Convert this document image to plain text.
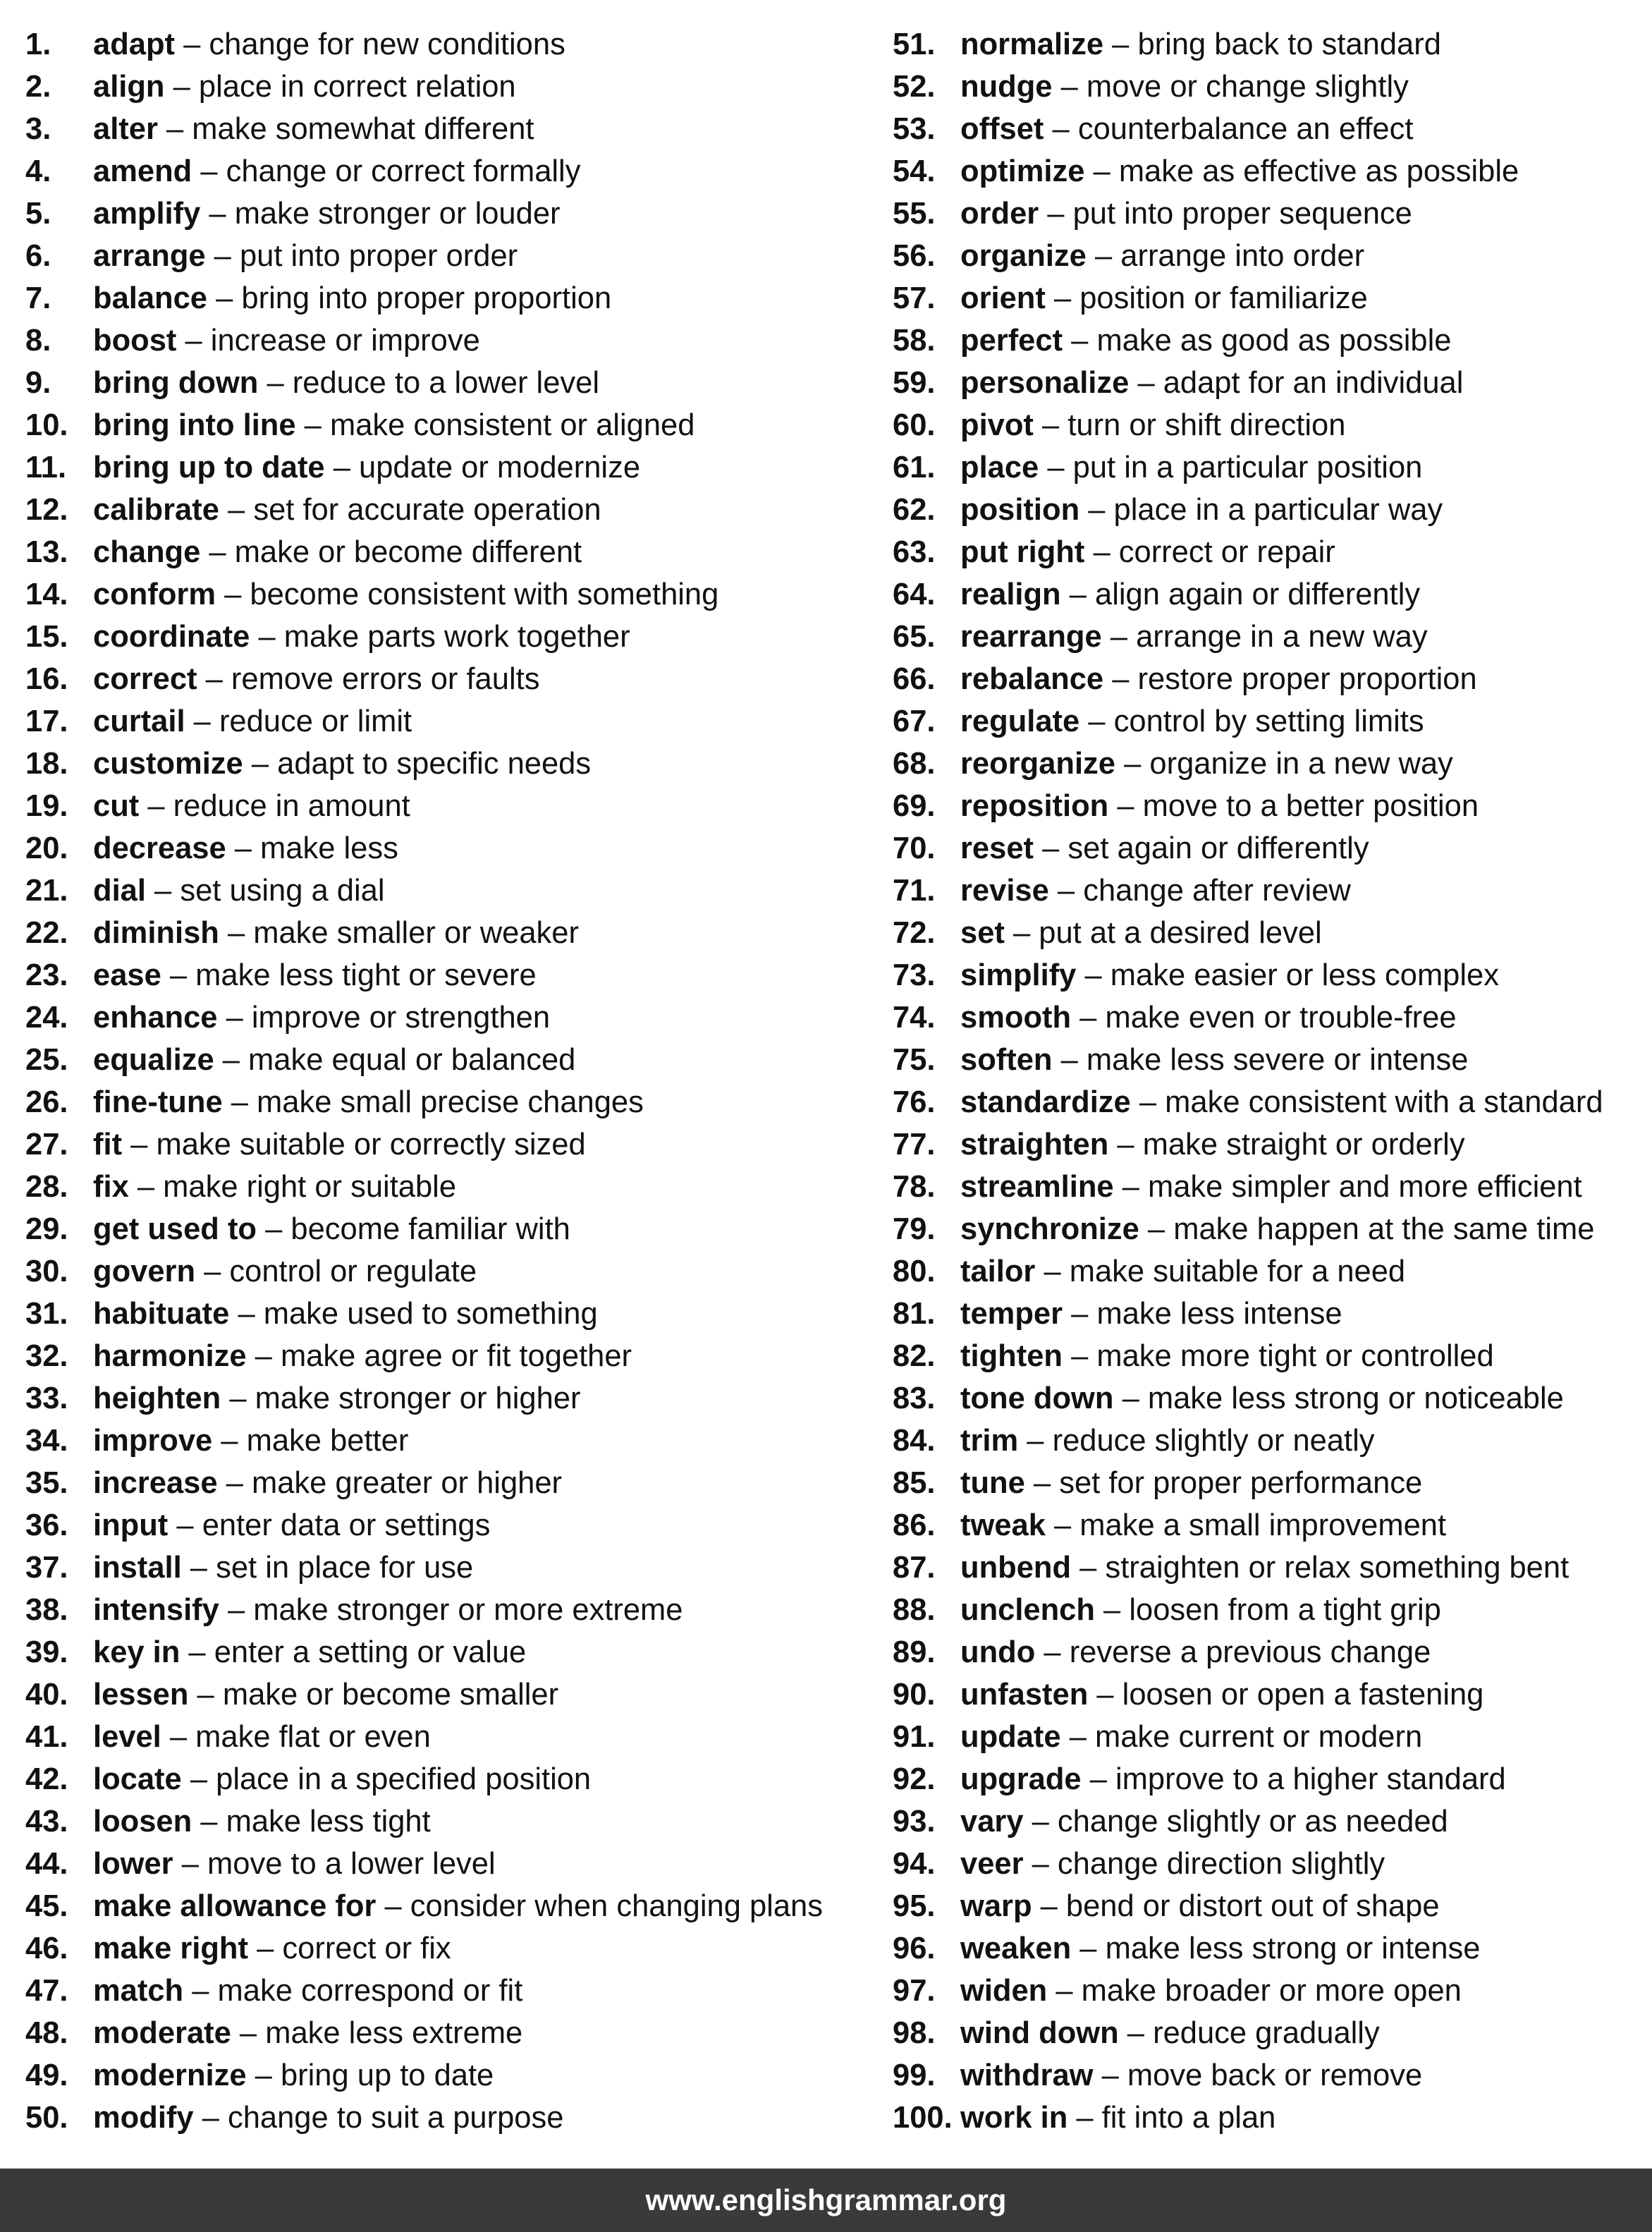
1. adapt – change for new conditions
2. align – place in correct relation
3. alter – make somewhat different
4. amend – change or correct formally
5. amplify – make stronger or louder
6. arrange – put into proper order
7. balance – bring into proper proportion
8. boost – increase or improve
9. bring down – reduce to a lower level
10. bring into line – make consistent or aligned
11. bring up to date – update or modernize
12. calibrate – set for accurate operation
13. change – make or become different
14. conform – become consistent with something
15. coordinate – make parts work together
16. correct – remove errors or faults
17. curtail – reduce or limit
18. customize – adapt to specific needs
19. cut – reduce in amount
20. decrease – make less
21. dial – set using a dial
22. diminish – make smaller or weaker
23. ease – make less tight or severe
24. enhance – improve or strengthen
25. equalize – make equal or balanced
26. fine-tune – make small precise changes
27. fit – make suitable or correctly sized
28. fix – make right or suitable
29. get used to – become familiar with
30. govern – control or regulate
31. habituate – make used to something
32. harmonize – make agree or fit together
33. heighten – make stronger or higher
34. improve – make better
35. increase – make greater or higher
36. input – enter data or settings
37. install – set in place for use
38. intensify – make stronger or more extreme
39. key in – enter a setting or value
40. lessen – make or become smaller
41. level – make flat or even
42. locate – place in a specified position
43. loosen – make less tight
44. lower – move to a lower level
45. make allowance for – consider when changing plans
46. make right – correct or fix
47. match – make correspond or fit
48. moderate – make less extreme
49. modernize – bring up to date
50. modify – change to suit a purpose
51. normalize – bring back to standard
52. nudge – move or change slightly
53. offset – counterbalance an effect
54. optimize – make as effective as possible
55. order – put into proper sequence
56. organize – arrange into order
57. orient – position or familiarize
58. perfect – make as good as possible
59. personalize – adapt for an individual
60. pivot – turn or shift direction
61. place – put in a particular position
62. position – place in a particular way
63. put right – correct or repair
64. realign – align again or differently
65. rearrange – arrange in a new way
66. rebalance – restore proper proportion
67. regulate – control by setting limits
68. reorganize – organize in a new way
69. reposition – move to a better position
70. reset – set again or differently
71. revise – change after review
72. set – put at a desired level
73. simplify – make easier or less complex
74. smooth – make even or trouble-free
75. soften – make less severe or intense
76. standardize – make consistent with a standard
77. straighten – make straight or orderly
78. streamline – make simpler and more efficient
79. synchronize – make happen at the same time
80. tailor – make suitable for a need
81. temper – make less intense
82. tighten – make more tight or controlled
83. tone down – make less strong or noticeable
84. trim – reduce slightly or neatly
85. tune – set for proper performance
86. tweak – make a small improvement
87. unbend – straighten or relax something bent
88. unclench – loosen from a tight grip
89. undo – reverse a previous change
90. unfasten – loosen or open a fastening
91. update – make current or modern
92. upgrade – improve to a higher standard
93. vary – change slightly or as needed
94. veer – change direction slightly
95. warp – bend or distort out of shape
96. weaken – make less strong or intense
97. widen – make broader or more open
98. wind down – reduce gradually
99. withdraw – move back or remove
100. work in – fit into a plan
www.englishgrammar.org
